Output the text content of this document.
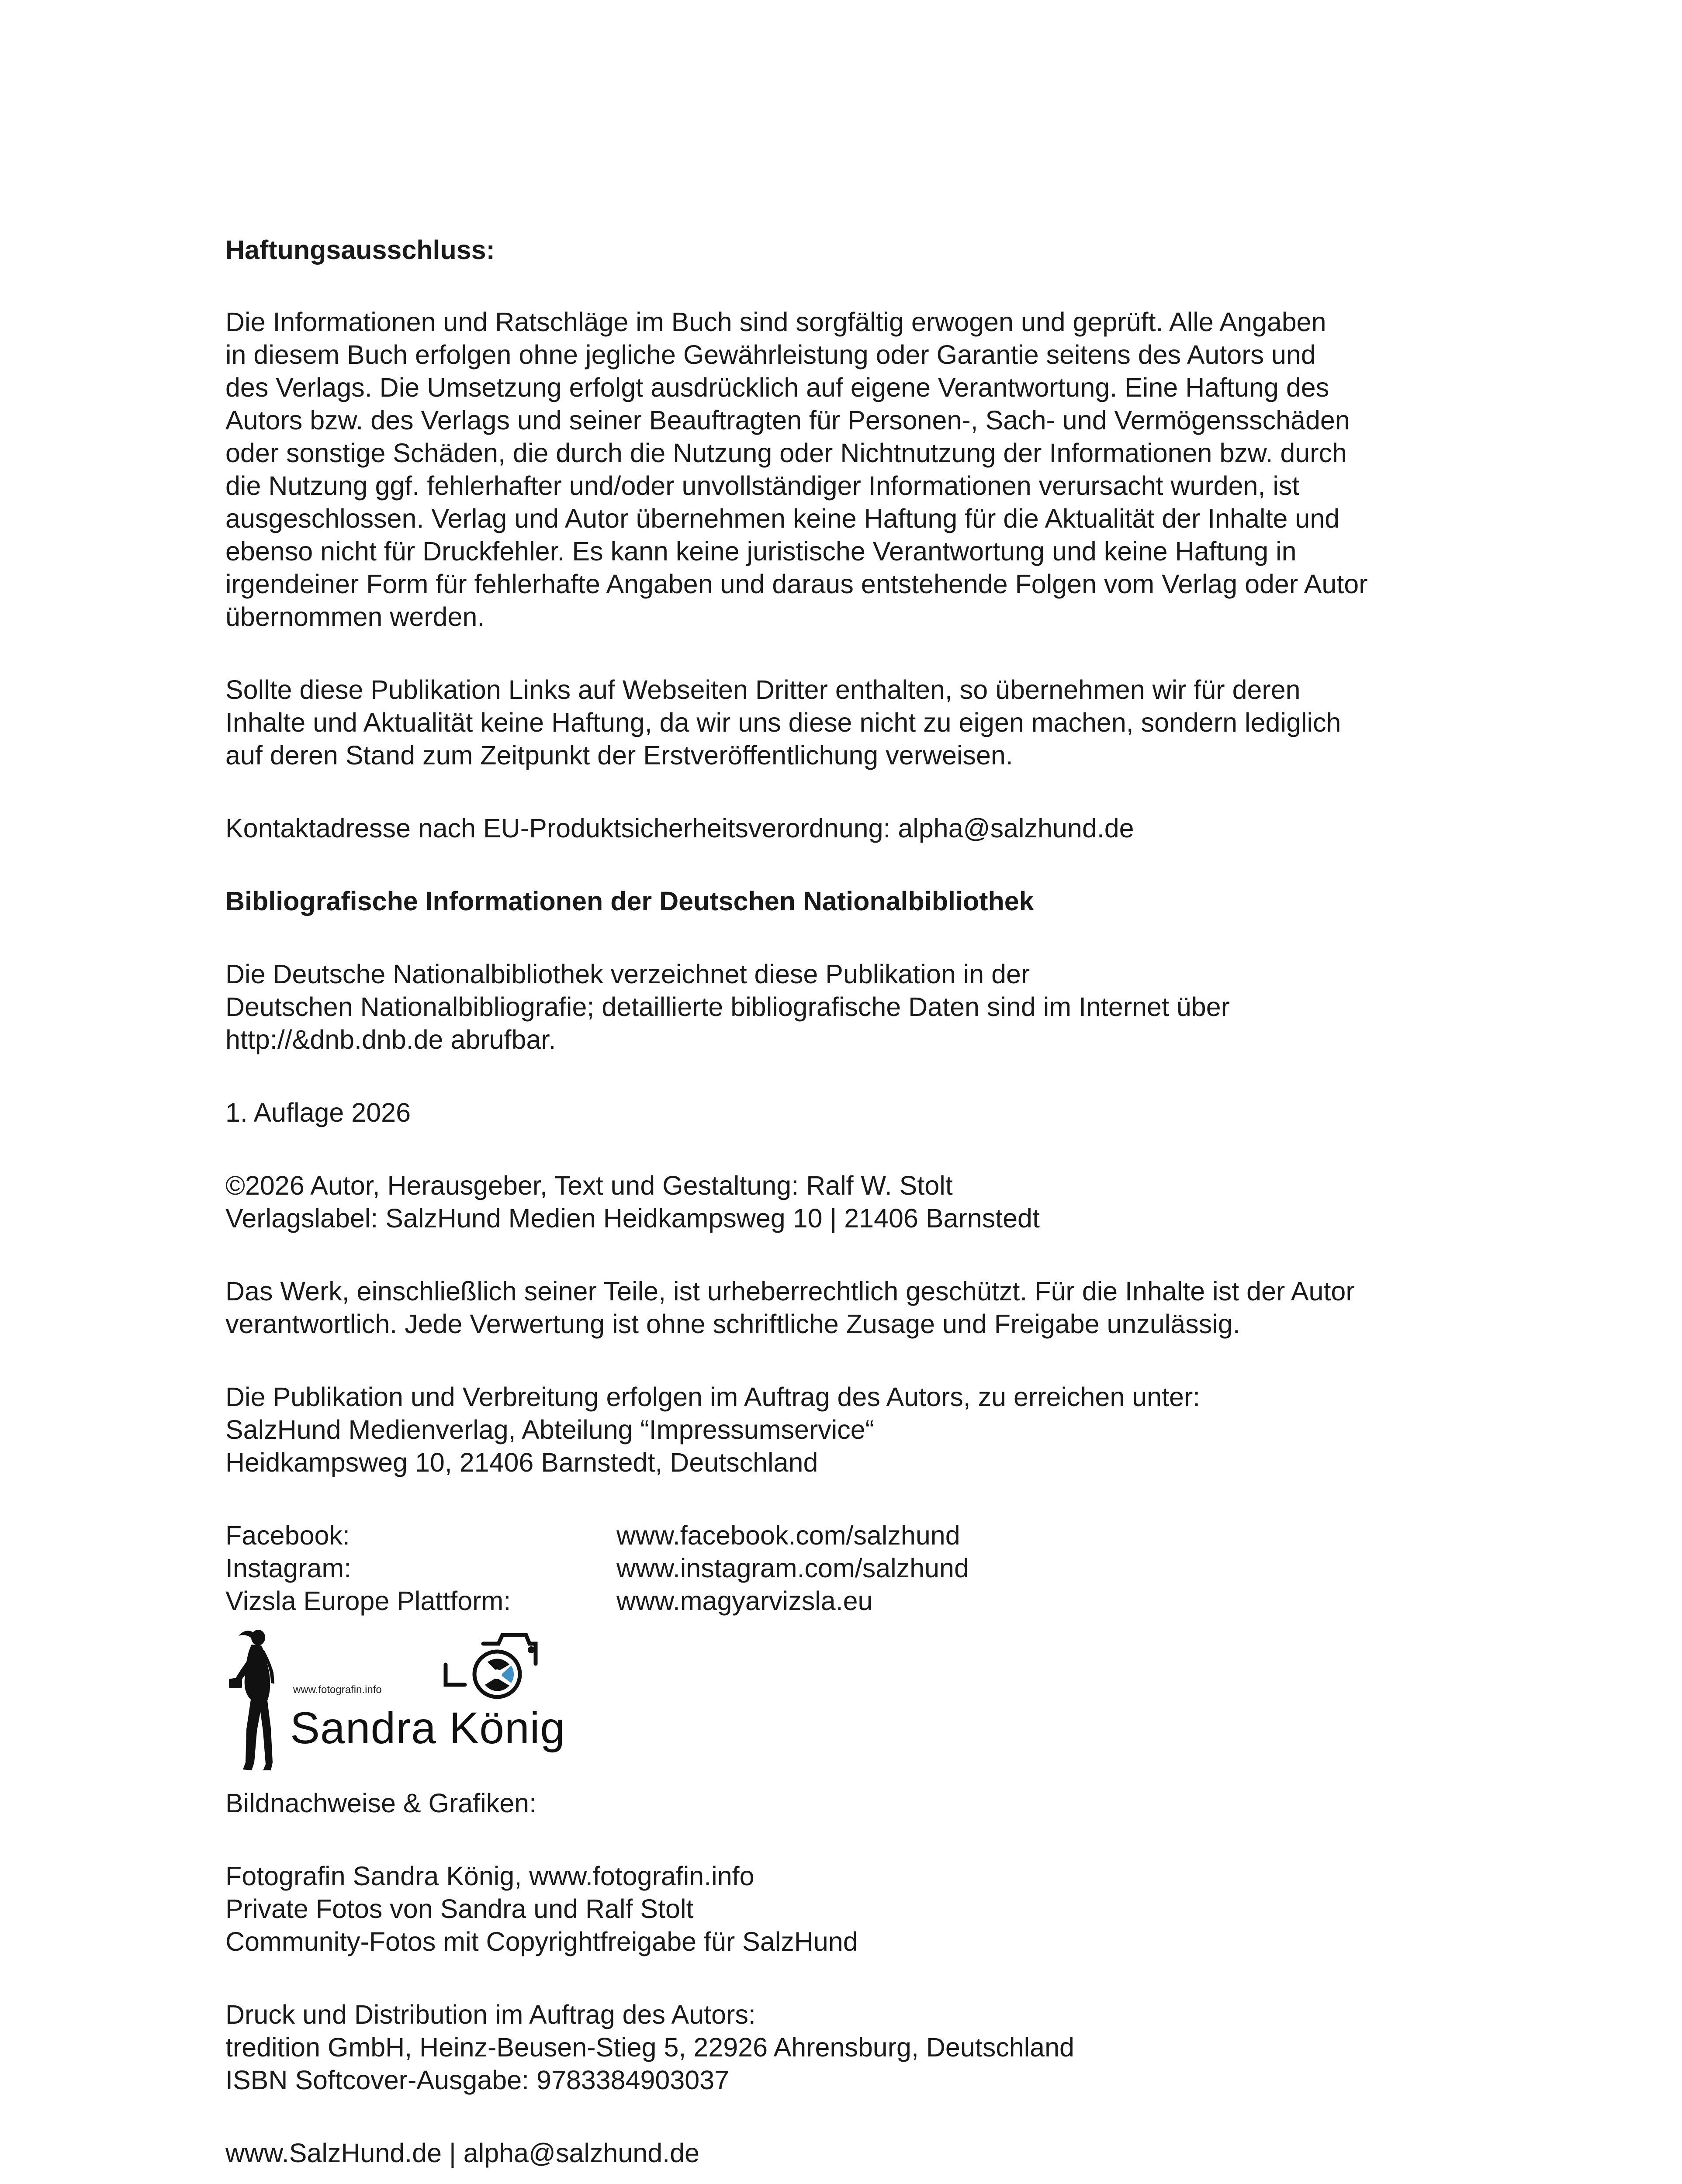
Haftungsausschluss:

Die Informationen und Ratschläge im Buch sind sorgfältig erwogen und geprüft. Alle Angaben

in diesem Buch erfolgen ohne jegliche Gewährleistung oder Garantie seitens des Autors und

des Verlags. Die Umsetzung erfolgt ausdrücklich auf eigene Verantwortung. Eine Haftung des

Autors bzw. des Verlags und seiner Beauftragten für Personen-, Sach- und Vermögensschäden

oder sonstige Schäden, die durch die Nutzung oder Nichtnutzung der Informationen bzw. durch

die Nutzung ggf. fehlerhafter und/oder unvollständiger Informationen verursacht wurden, ist

ausgeschlossen. Verlag und Autor übernehmen keine Haftung für die Aktualität der Inhalte und

ebenso nicht für Druckfehler. Es kann keine juristische Verantwortung und keine Haftung in

irgendeiner Form für fehlerhafte Angaben und daraus entstehende Folgen vom Verlag oder Autor

übernommen werden.

Sollte diese Publikation Links auf Webseiten Dritter enthalten, so übernehmen wir für deren

Inhalte und Aktualität keine Haftung, da wir uns diese nicht zu eigen machen, sondern lediglich

auf deren Stand zum Zeitpunkt der Erstveröffentlichung verweisen.

Kontaktadresse nach EU-Produktsicherheitsverordnung: alpha@salzhund.de

Bibliografische Informationen der Deutschen Nationalbibliothek

Die Deutsche Nationalbibliothek verzeichnet diese Publikation in der

Deutschen Nationalbibliografie; detaillierte bibliografische Daten sind im Internet über

http://&dnb.dnb.de abrufbar.

1. Auflage 2026

©2026 Autor, Herausgeber, Text und Gestaltung: Ralf W. Stolt

Verlagslabel: SalzHund Medien Heidkampsweg 10 | 21406 Barnstedt

Das Werk, einschließlich seiner Teile, ist urheberrechtlich geschützt. Für die Inhalte ist der Autor

verantwortlich. Jede Verwertung ist ohne schriftliche Zusage und Freigabe unzulässig.

Die Publikation und Verbreitung erfolgen im Auftrag des Autors, zu erreichen unter:

SalzHund Medienverlag, Abteilung “Impressumservice“

Heidkampsweg 10, 21406 Barnstedt, Deutschland

Facebook:	www.facebook.com/salzhund
Instagram:	www.instagram.com/salzhund
Vizsla Europe Plattform:	www.magyarvizsla.eu
www.fotografin.info
Sandra König

Bildnachweise & Grafiken:

Fotografin Sandra König, www.fotografin.info

Private Fotos von Sandra und Ralf Stolt

Community-Fotos mit Copyrightfreigabe für SalzHund

Druck und Distribution im Auftrag des Autors:

tredition GmbH, Heinz-Beusen-Stieg 5, 22926 Ahrensburg, Deutschland

ISBN Softcover-Ausgabe: 9783384903037

www.SalzHund.de | alpha@salzhund.de
